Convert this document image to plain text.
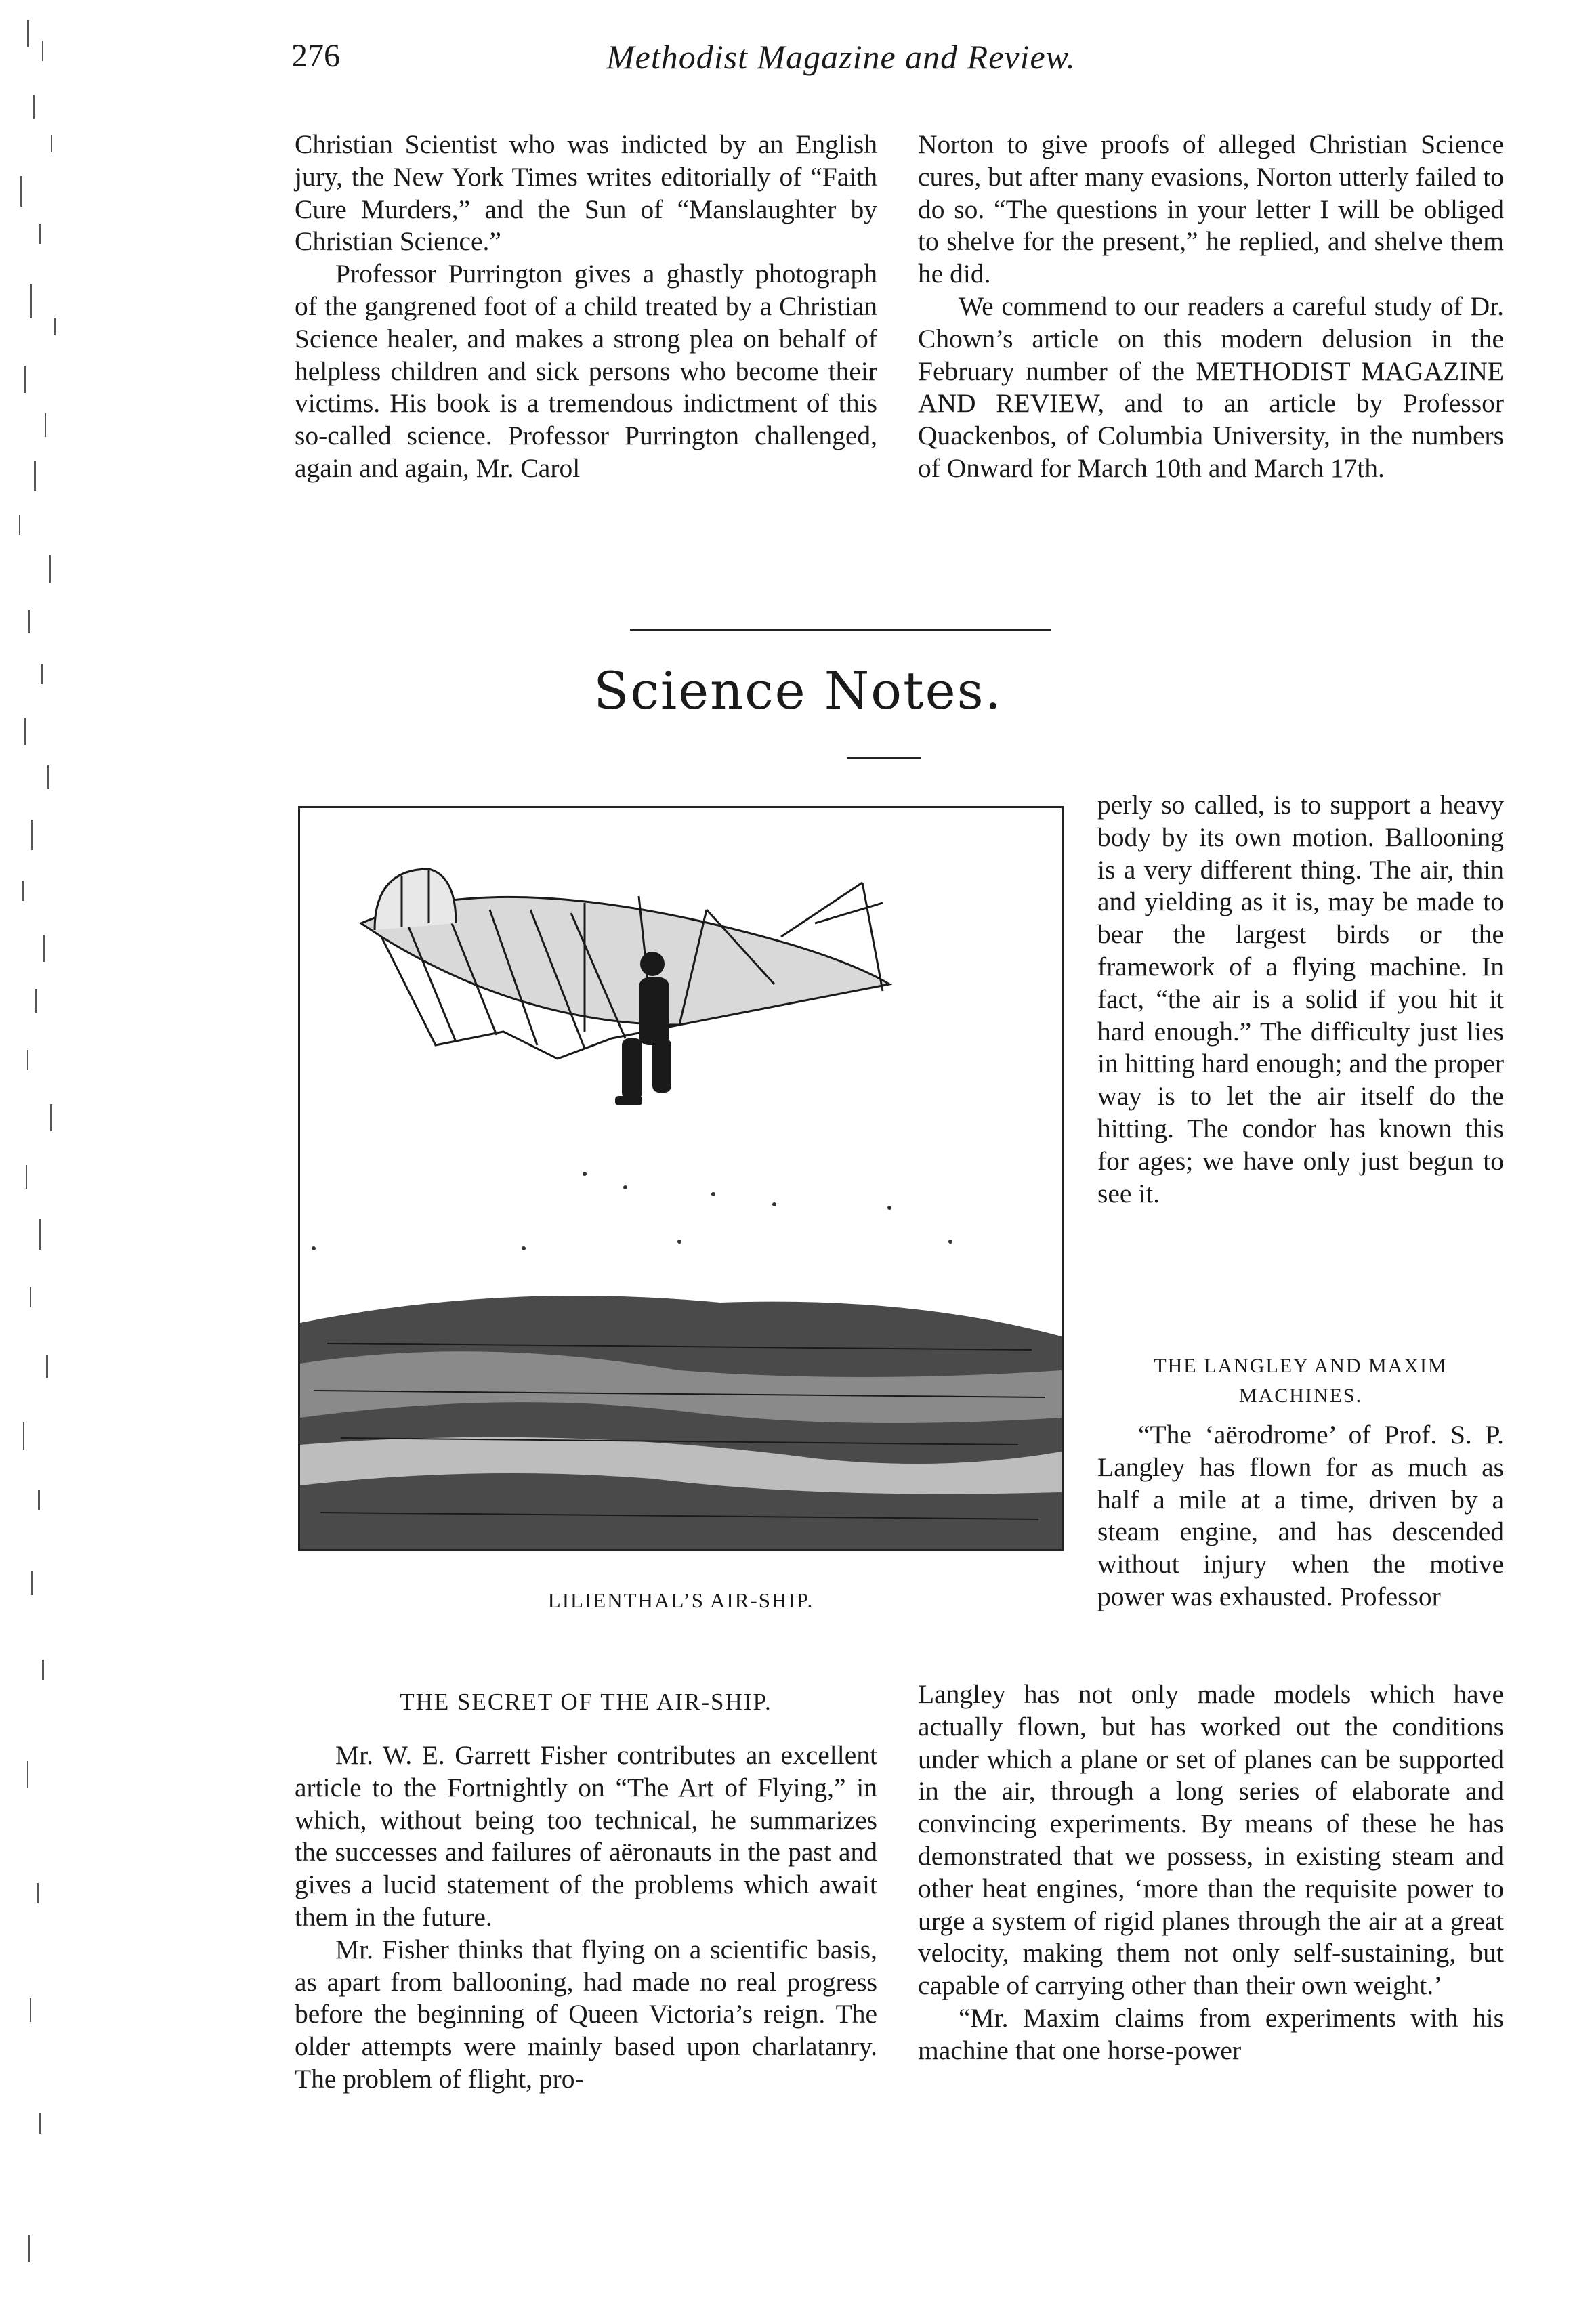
276	Methodist Magazine and Review.

Christian Scientist who was indicted by an English jury, the New York Times writes editorially of “Faith Cure Murders,” and the Sun of “Manslaughter by Christian Science.”

Professor Purrington gives a ghastly photograph of the gangrened foot of a child treated by a Christian Science healer, and makes a strong plea on behalf of helpless children and sick persons who become their victims. His book is a tremendous indictment of this so-called science. Professor Purrington challenged, again and again, Mr. Carol

Norton to give proofs of alleged Christian Science cures, but after many evasions, Norton utterly failed to do so. “The questions in your letter I will be obliged to shelve for the present,” he replied, and shelve them he did.

We commend to our readers a careful study of Dr. Chown’s article on this modern delusion in the February number of the METHODIST MAGAZINE AND REVIEW, and to an article by Professor Quackenbos, of Columbia University, in the numbers of Onward for March 10th and March 17th.

Science Notes.
LILIENTHAL’S AIR-SHIP.

perly so called, is to support a heavy body by its own motion. Ballooning is a very different thing. The air, thin and yielding as it is, may be made to bear the largest birds or the framework of a flying machine. In fact, “the air is a solid if you hit it hard enough.” The difficulty just lies in hitting hard enough; and the proper way is to let the air itself do the hitting. The condor has known this for ages; we have only just begun to see it.

THE LANGLEY AND MAXIM MACHINES.

“The ‘aërodrome’ of Prof. S. P. Langley has flown for as much as half a mile at a time, driven by a steam engine, and has descended without injury when the motive power was exhausted. Professor

Langley has not only made models which have actually flown, but has worked out the conditions under which a plane or set of planes can be supported in the air, through a long series of elaborate and convincing experiments. By means of these he has demonstrated that we possess, in existing steam and other heat engines, ‘more than the requisite power to urge a system of rigid planes through the air at a great velocity, making them not only self-sustaining, but capable of carrying other than their own weight.’

“Mr. Maxim claims from experiments with his machine that one horse-power

THE SECRET OF THE AIR-SHIP.

Mr. W. E. Garrett Fisher contributes an excellent article to the Fortnightly on “The Art of Flying,” in which, without being too technical, he summarizes the successes and failures of aëronauts in the past and gives a lucid statement of the problems which await them in the future.

Mr. Fisher thinks that flying on a scientific basis, as apart from ballooning, had made no real progress before the beginning of Queen Victoria’s reign. The older attempts were mainly based upon charlatanry. The problem of flight, pro-
